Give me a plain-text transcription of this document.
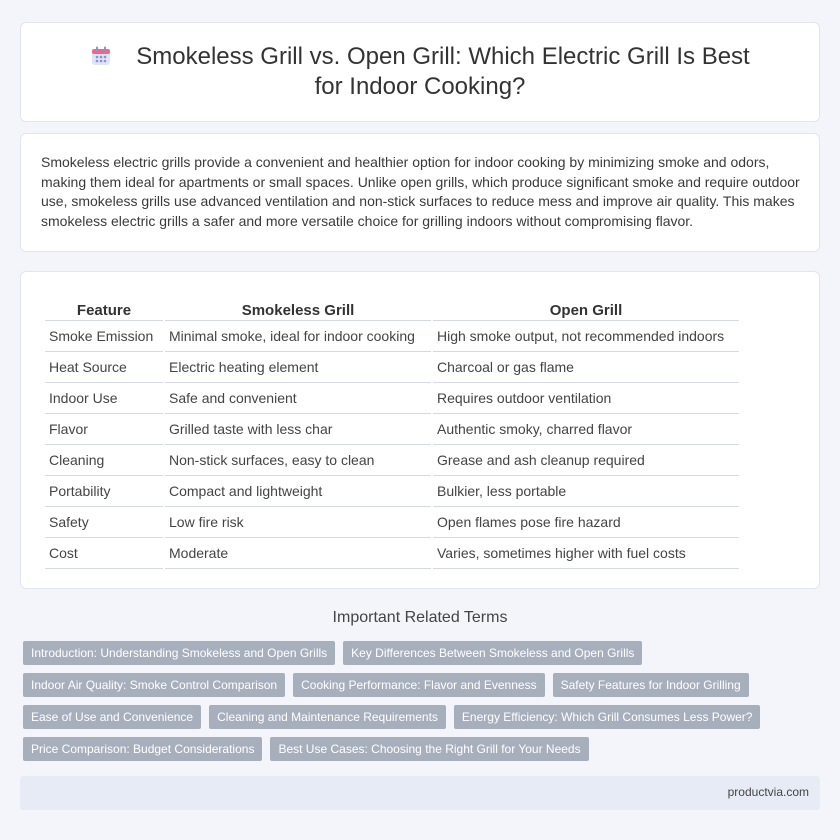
Smokeless Grill vs. Open Grill: Which Electric Grill Is Best for Indoor Cooking?

Smokeless electric grills provide a convenient and healthier option for indoor cooking by minimizing smoke and odors, making them ideal for apartments or small spaces. Unlike open grills, which produce significant smoke and require outdoor use, smokeless grills use advanced ventilation and non-stick surfaces to reduce mess and improve air quality. This makes smokeless electric grills a safer and more versatile choice for grilling indoors without compromising flavor.

Feature	Smokeless Grill	Open Grill
Smoke Emission	Minimal smoke, ideal for indoor cooking	High smoke output, not recommended indoors
Heat Source	Electric heating element	Charcoal or gas flame
Indoor Use	Safe and convenient	Requires outdoor ventilation
Flavor	Grilled taste with less char	Authentic smoky, charred flavor
Cleaning	Non-stick surfaces, easy to clean	Grease and ash cleanup required
Portability	Compact and lightweight	Bulkier, less portable
Safety	Low fire risk	Open flames pose fire hazard
Cost	Moderate	Varies, sometimes higher with fuel costs
Important Related Terms
Introduction: Understanding Smokeless and Open Grills	Key Differences Between Smokeless and Open Grills
Indoor Air Quality: Smoke Control Comparison	Cooking Performance: Flavor and Evenness	Safety Features for Indoor Grilling
Ease of Use and Convenience	Cleaning and Maintenance Requirements	Energy Efficiency: Which Grill Consumes Less Power?
Price Comparison: Budget Considerations	Best Use Cases: Choosing the Right Grill for Your Needs
productvia.com
